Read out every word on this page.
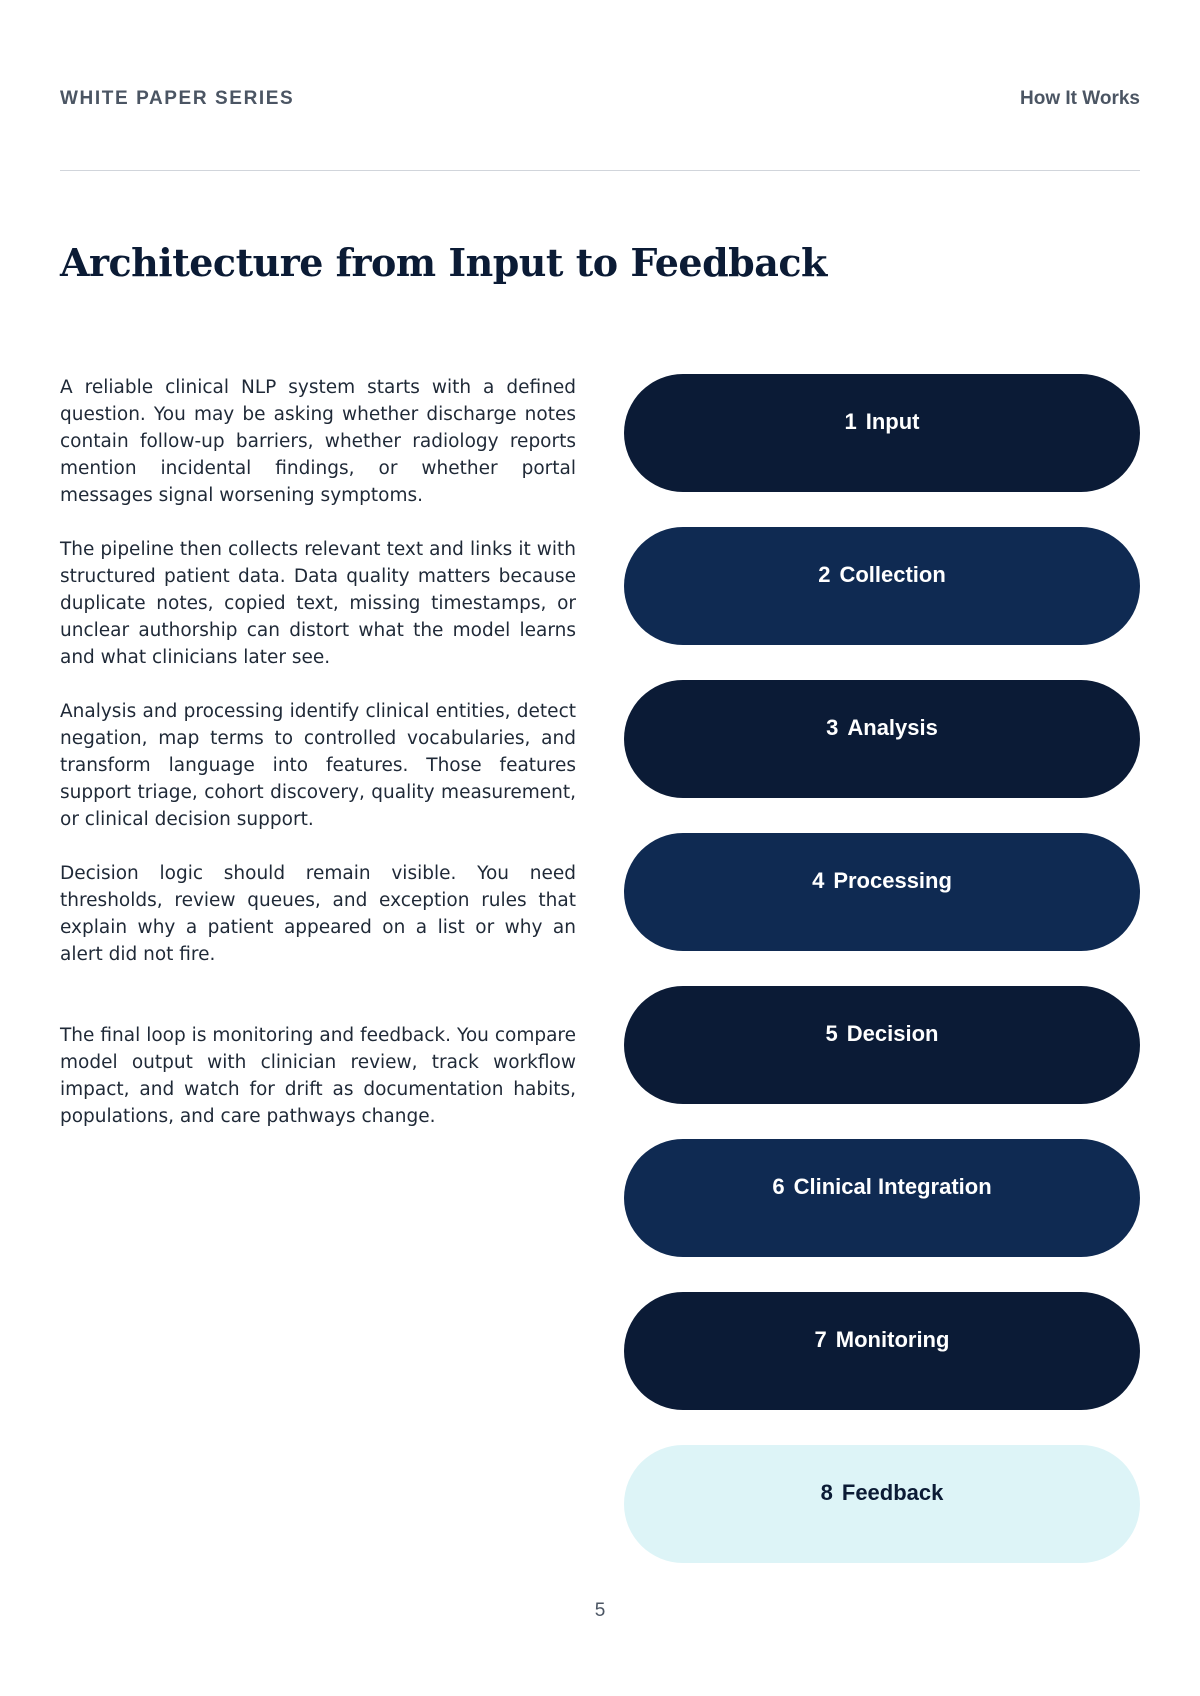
WHITE PAPER SERIES	How It Works
Architecture from Input to Feedback

A reliable clinical NLP system starts with a defined question. You may be asking whether discharge notes contain follow-up barriers, whether radiology reports mention incidental findings, or whether portal messages signal worsening symptoms.

The pipeline then collects relevant text and links it with structured patient data. Data quality matters because duplicate notes, copied text, missing timestamps, or unclear authorship can distort what the model learns and what clinicians later see.

Analysis and processing identify clinical entities, detect negation, map terms to controlled vocabularies, and transform language into features. Those features support triage, cohort discovery, quality measurement, or clinical decision support.

Decision logic should remain visible. You need thresholds, review queues, and exception rules that explain why a patient appeared on a list or why an alert did not fire.

The final loop is monitoring and feedback. You compare model output with clinician review, track workflow impact, and watch for drift as documentation habits, populations, and care pathways change.

1 Input
2 Collection
3 Analysis
4 Processing
5 Decision
6 Clinical Integration
7 Monitoring
8 Feedback
5
